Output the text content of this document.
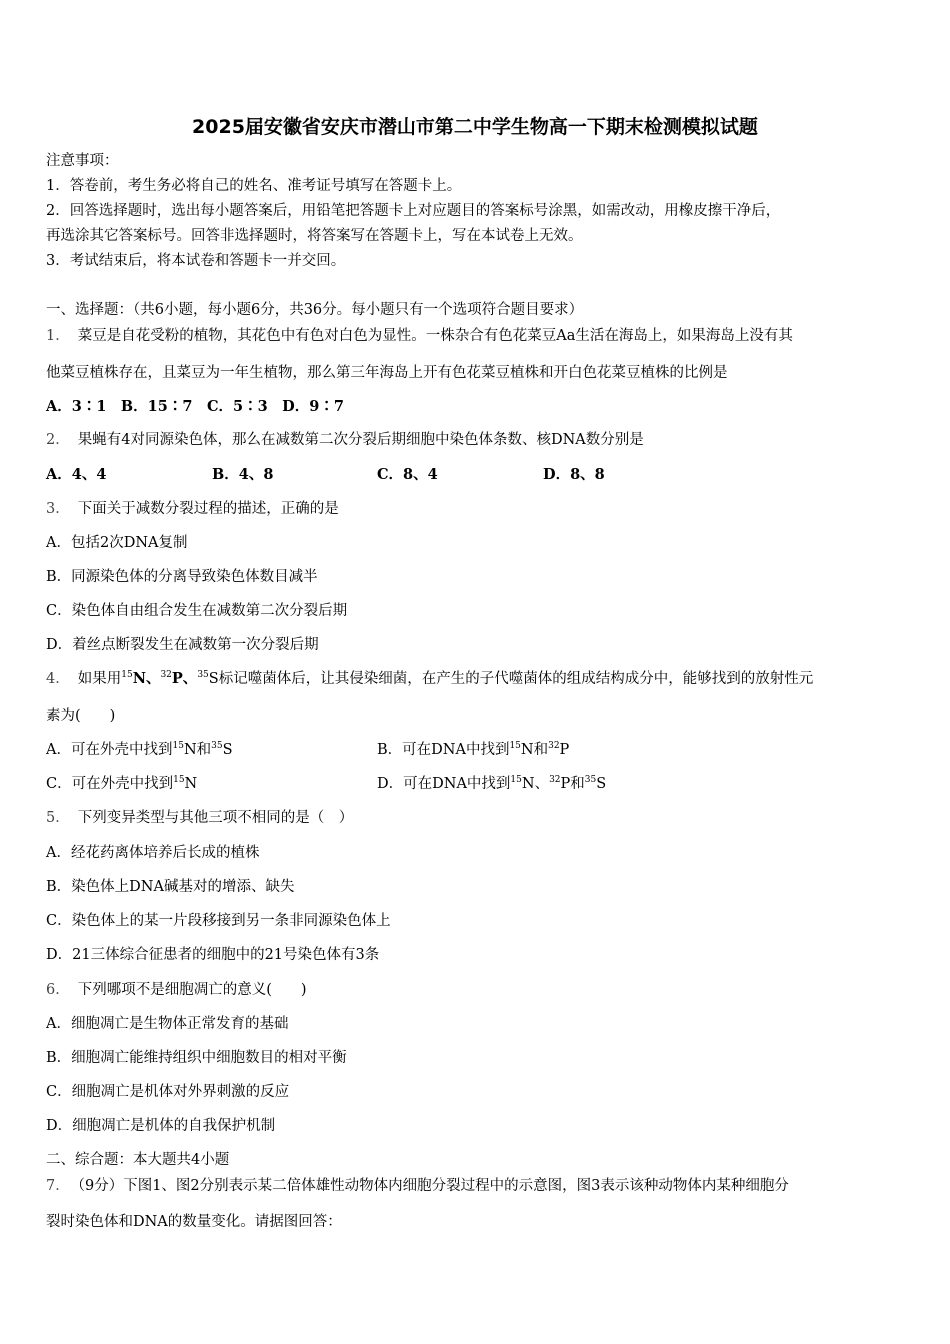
2025届安徽省安庆市潜山市第二中学生物高一下期末检测模拟试题
注意事项：
1．答卷前，考生务必将自己的姓名、准考证号填写在答题卡上。
2．回答选择题时，选出每小题答案后，用铅笔把答题卡上对应题目的答案标号涂黑，如需改动，用橡皮擦干净后，
再选涂其它答案标号。回答非选择题时，将答案写在答题卡上，写在本试卷上无效。
3．考试结束后，将本试卷和答题卡一并交回。
一、选择题：（共6小题，每小题6分，共36分。每小题只有一个选项符合题目要求）
1． 菜豆是自花受粉的植物，其花色中有色对白色为显性。一株杂合有色花菜豆Aa生活在海岛上，如果海岛上没有其
他菜豆植株存在，且菜豆为一年生植物，那么第三年海岛上开有色花菜豆植株和开白色花菜豆植株的比例是
A．3∶1　B．15∶7　C．5∶3　D．9∶7
2． 果蝇有4对同源染色体，那么在减数第二次分裂后期细胞中染色体条数、核DNA数分别是
A．4、4	B．4、8	C．8、4	D．8、8
3． 下面关于减数分裂过程的描述，正确的是
A．包括2次DNA复制
B．同源染色体的分离导致染色体数目减半
C．染色体自由组合发生在减数第二次分裂后期
D．着丝点断裂发生在减数第一次分裂后期
4． 如果用$^{15}$N、$^{32}$P、$^{35}$S标记噬菌体后，让其侵染细菌，在产生的子代噬菌体的组成结构成分中，能够找到的放射性元
素为(　　)
A．可在外壳中找到$^{15}$N和$^{35}$S	B．可在DNA中找到$^{15}$N和$^{32}$P
C．可在外壳中找到$^{15}$N	D．可在DNA中找到$^{15}$N、$^{32}$P和$^{35}$S
5． 下列变异类型与其他三项不相同的是（　）
A．经花药离体培养后长成的植株
B．染色体上DNA碱基对的增添、缺失
C．染色体上的某一片段移接到另一条非同源染色体上
D．21三体综合征患者的细胞中的21号染色体有3条
6． 下列哪项不是细胞凋亡的意义(　　)
A．细胞凋亡是生物体正常发育的基础
B．细胞凋亡能维持组织中细胞数目的相对平衡
C．细胞凋亡是机体对外界刺激的反应
D．细胞凋亡是机体的自我保护机制
二、综合题：本大题共4小题
7． （9分）下图1、图2分别表示某二倍体雄性动物体内细胞分裂过程中的示意图，图3表示该种动物体内某种细胞分
裂时染色体和DNA的数量变化。请据图回答：
